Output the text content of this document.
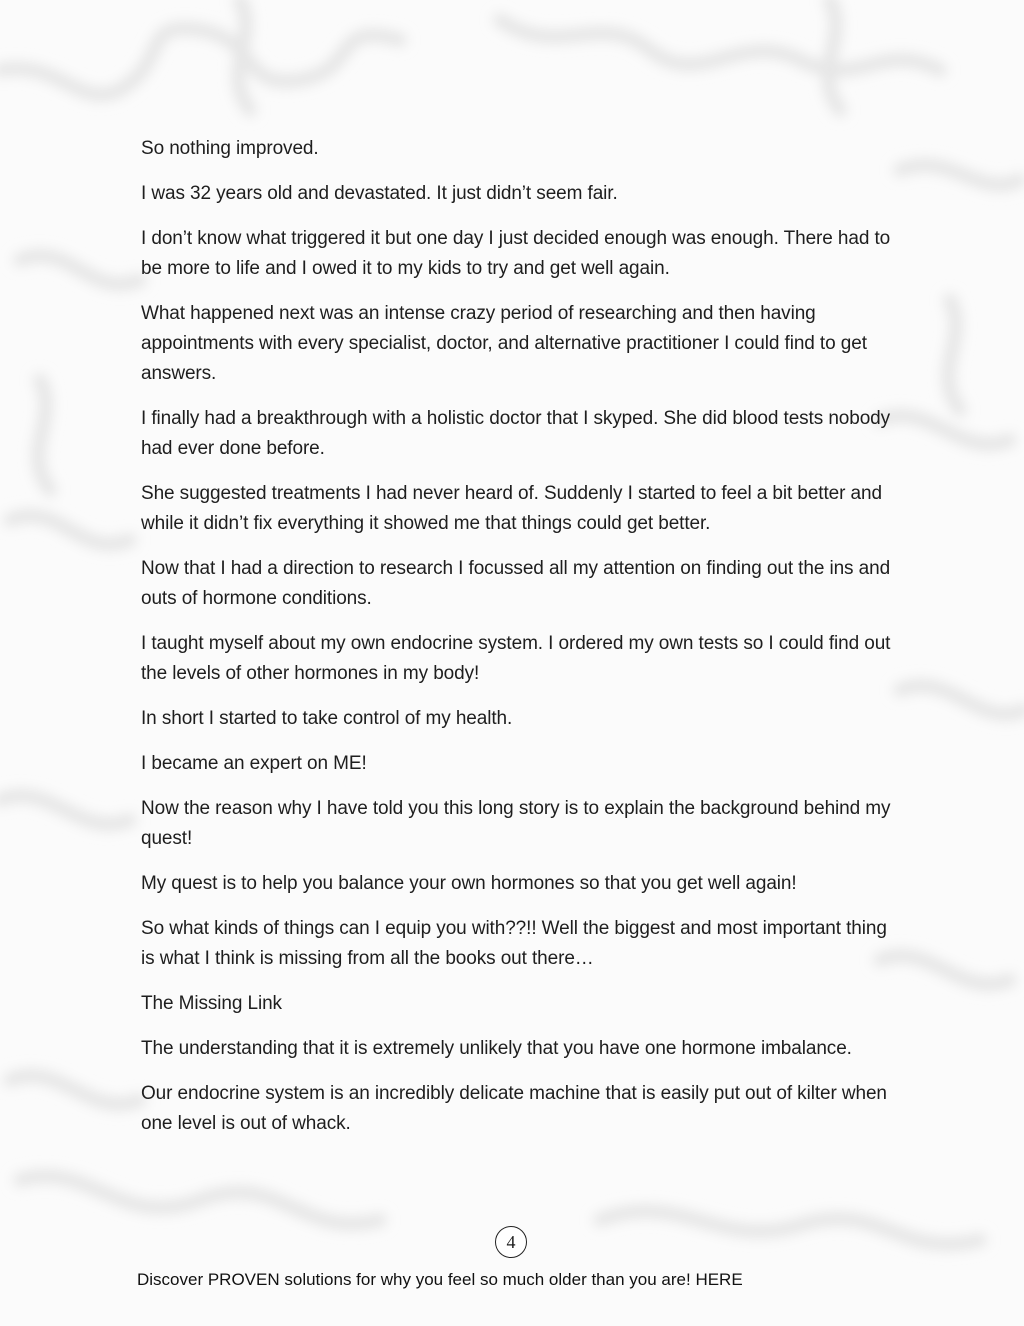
So nothing improved.

I was 32 years old and devastated. It just didn’t seem fair.

I don’t know what triggered it but one day I just decided enough was enough. There had to be more to life and I owed it to my kids to try and get well again.

What happened next was an intense crazy period of researching and then having appointments with every specialist, doctor, and alternative practitioner I could find to get answers.

I finally had a breakthrough with a holistic doctor that I skyped. She did blood tests nobody had ever done before.

She suggested treatments I had never heard of. Suddenly I started to feel a bit better and while it didn’t fix everything it showed me that things could get better.

Now that I had a direction to research I focussed all my attention on finding out the ins and outs of hormone conditions.

I taught myself about my own endocrine system. I ordered my own tests so I could find out the levels of other hormones in my body!

In short I started to take control of my health.

I became an expert on ME!

Now the reason why I have told you this long story is to explain the background behind my quest!

My quest is to help you balance your own hormones so that you get well again!

So what kinds of things can I equip you with??!! Well the biggest and most important thing is what I think is missing from all the books out there…

The Missing Link

The understanding that it is extremely unlikely that you have one hormone imbalance.

Our endocrine system is an incredibly delicate machine that is easily put out of kilter when one level is out of whack.

4
Discover PROVEN solutions for why you feel so much older than you are! HERE
